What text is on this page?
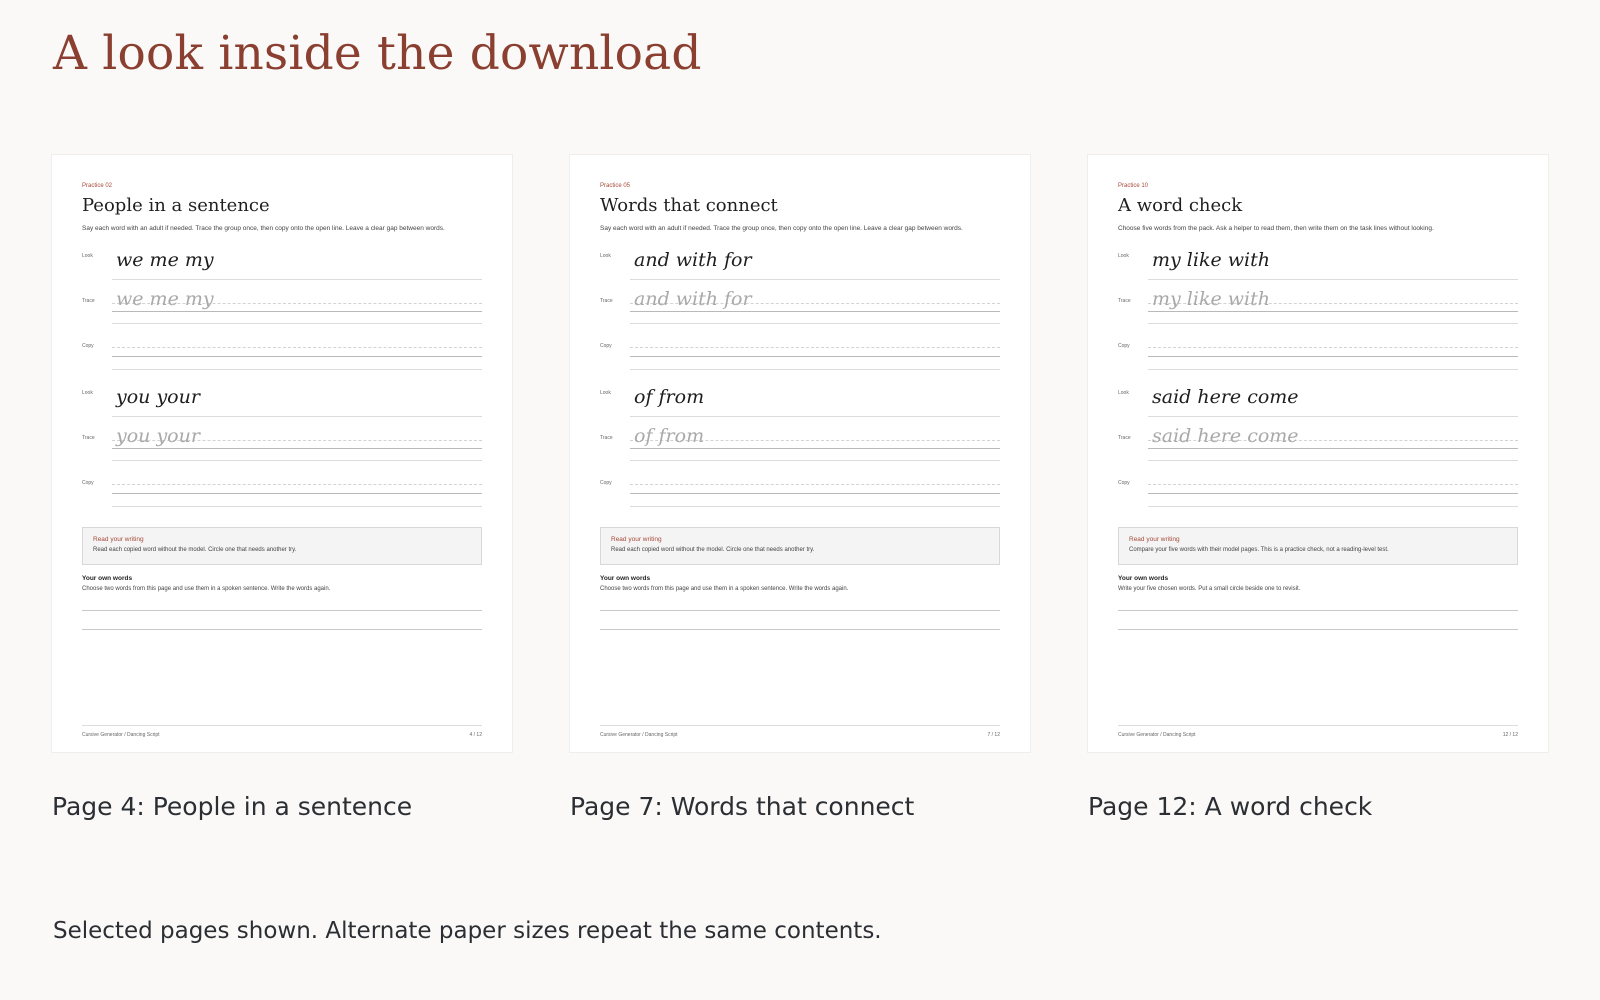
A look inside the download
Practice 02
People in a sentence
Say each word with an adult if needed. Trace the group once, then copy onto the open line. Leave a clear gap between words.
Look we me my
Trace we me my
Copy
Look you your
Trace you your
Copy
Read your writing
Read each copied word without the model. Circle one that needs another try.
Your own words
Choose two words from this page and use them in a spoken sentence. Write the words again.
Cursive Generator / Dancing Script	4 / 12
Page 4: People in a sentence
Practice 05
Words that connect
Say each word with an adult if needed. Trace the group once, then copy onto the open line. Leave a clear gap between words.
Look and with for
Trace and with for
Copy
Look of from
Trace of from
Copy
Read your writing
Read each copied word without the model. Circle one that needs another try.
Your own words
Choose two words from this page and use them in a spoken sentence. Write the words again.
Cursive Generator / Dancing Script	7 / 12
Page 7: Words that connect
Practice 10
A word check
Choose five words from the pack. Ask a helper to read them, then write them on the task lines without looking.
Look my like with
Trace my like with
Copy
Look said here come
Trace said here come
Copy
Read your writing
Compare your five words with their model pages. This is a practice check, not a reading-level test.
Your own words
Write your five chosen words. Put a small circle beside one to revisit.
Cursive Generator / Dancing Script	12 / 12
Page 12: A word check

Selected pages shown. Alternate paper sizes repeat the same contents.
